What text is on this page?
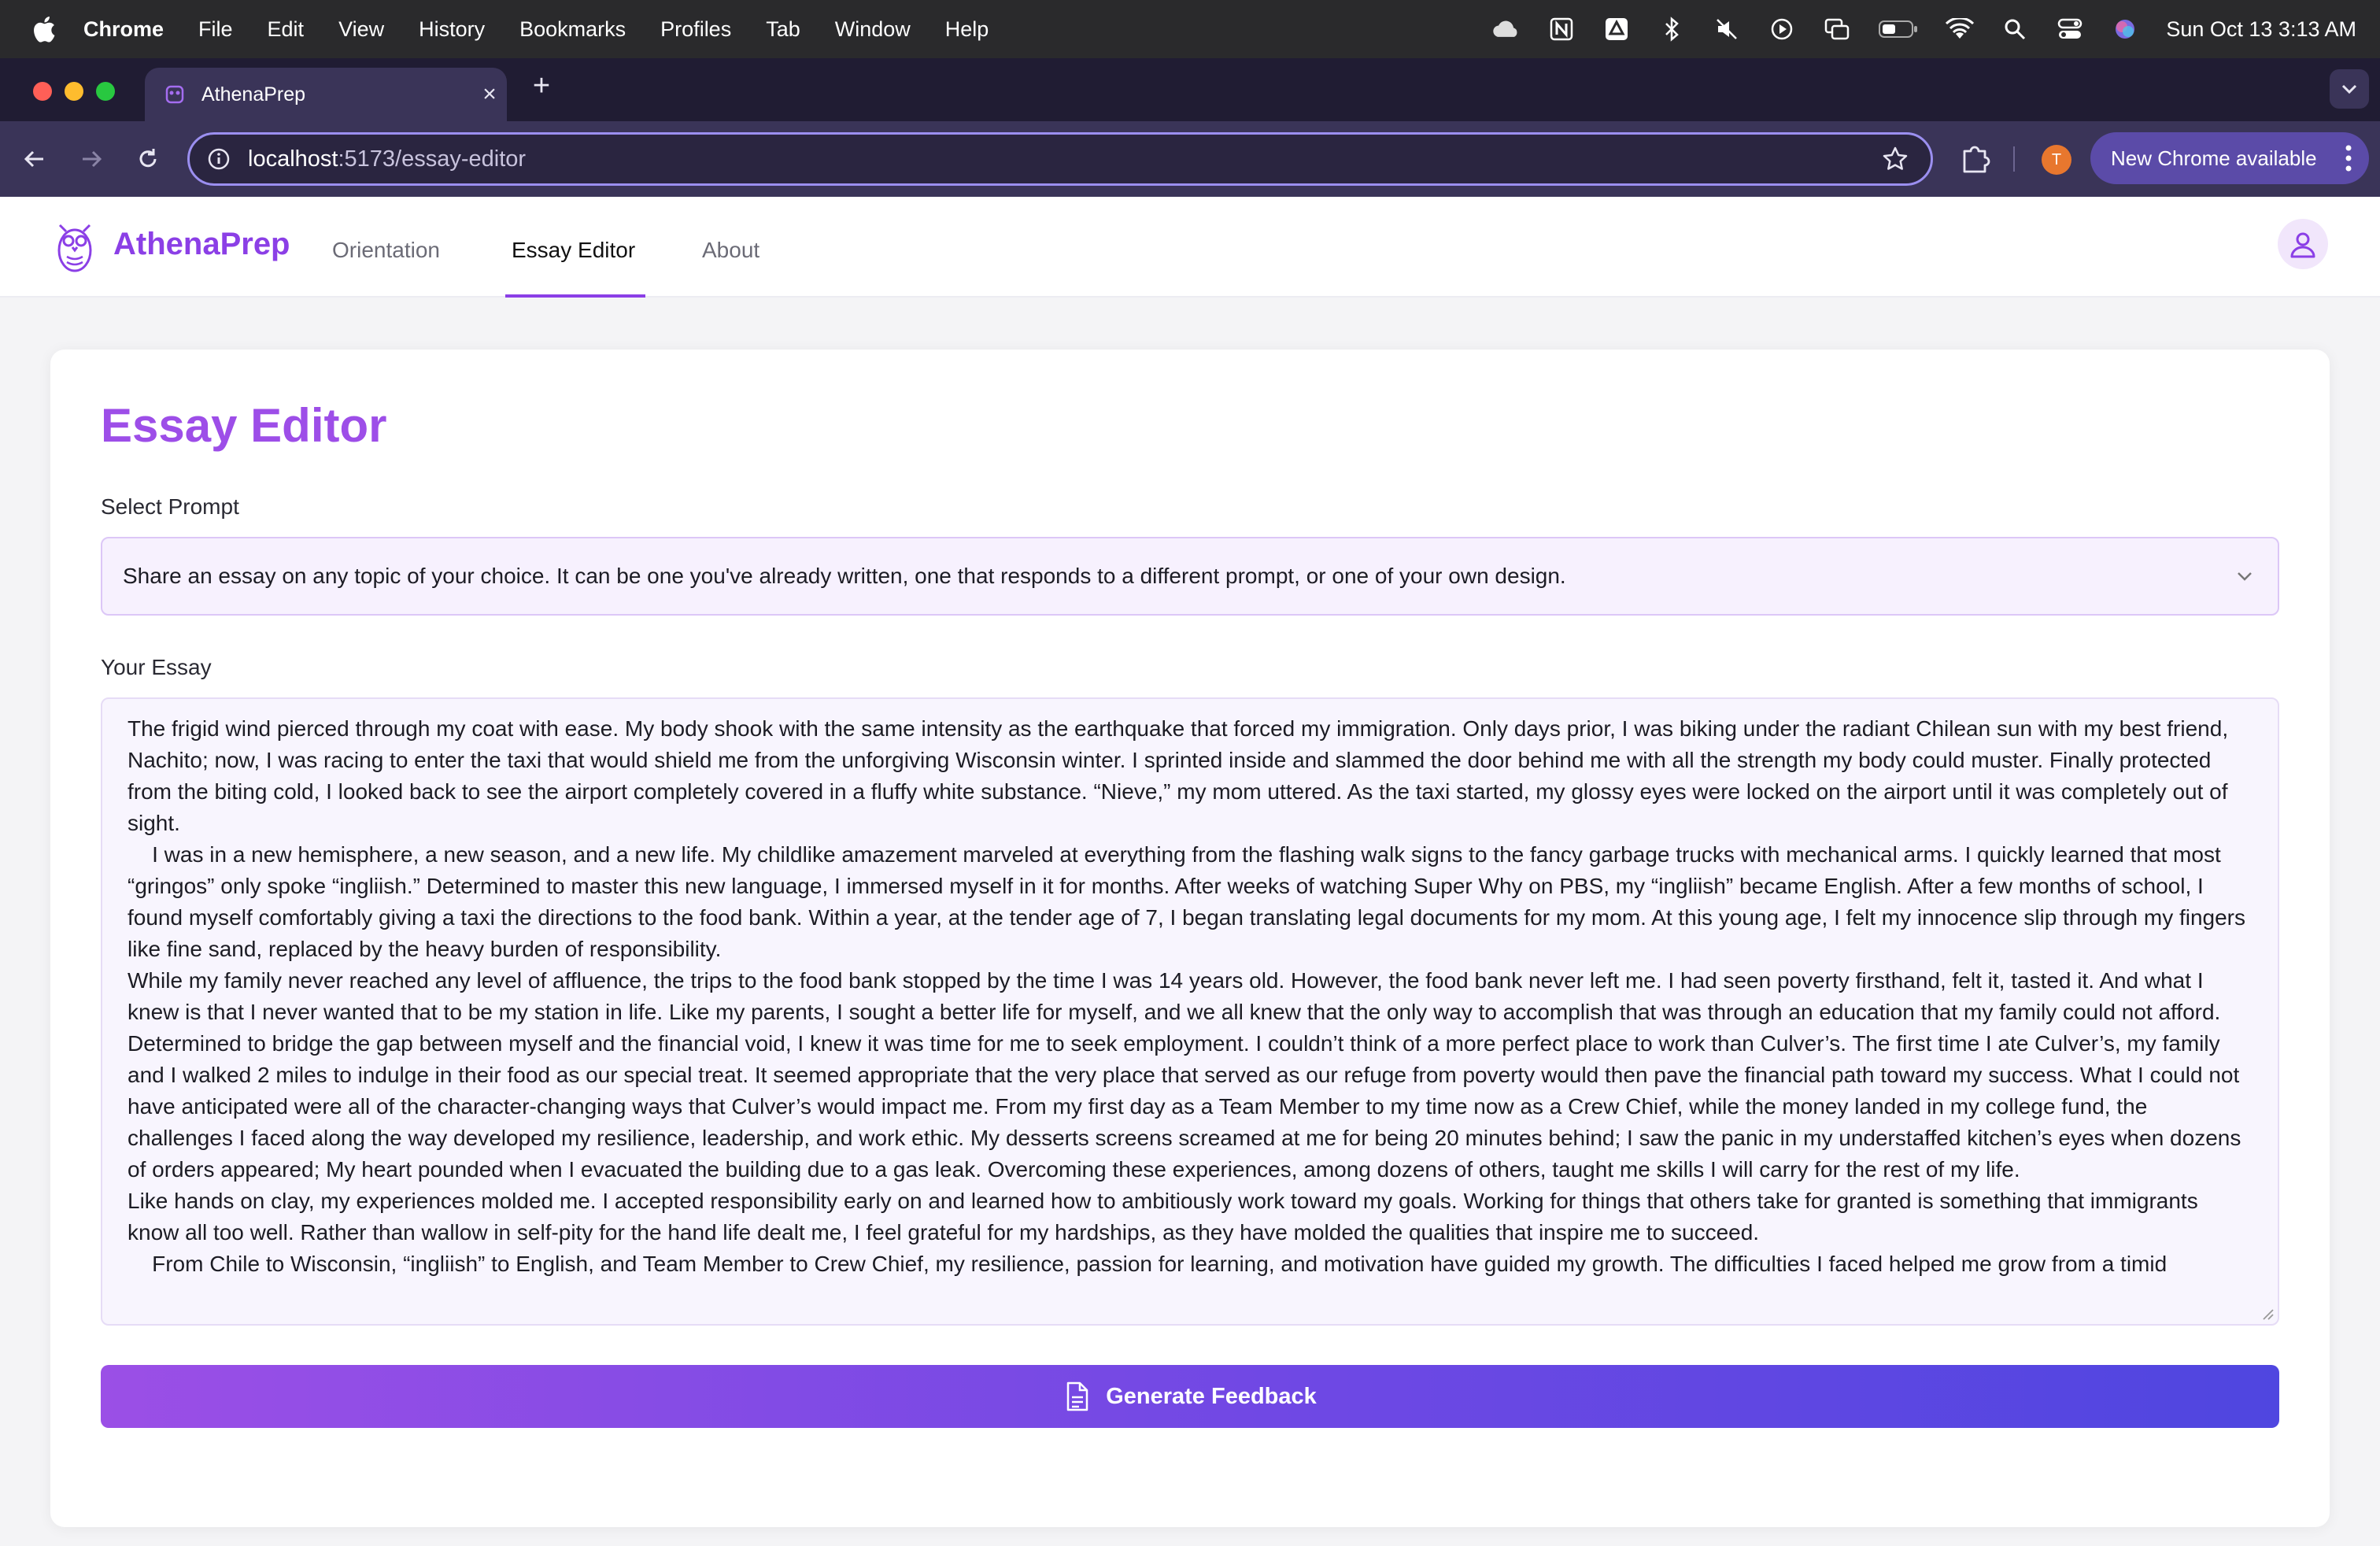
Chrome File Edit View History Bookmarks Profiles Tab Window Help	Sun Oct 13 3:13 AM
AthenaPrep	×	+
localhost:5173/essay-editor	T	New Chrome available
AthenaPrep Orientation	Essay Editor	About
Essay Editor
Select Prompt
Share an essay on any topic of your choice. It can be one you've already written, one that responds to a different prompt, or one of your own design.
Your Essay
The frigid wind pierced through my coat with ease. My body shook with the same intensity as the earthquake that forced my immigration. Only days prior, I was biking under the radiant Chilean sun with my best friend, Nachito; now, I was racing to enter the taxi that would shield me from the unforgiving Wisconsin winter. I sprinted inside and slammed the door behind me with all the strength my body could muster. Finally protected from the biting cold, I looked back to see the airport completely covered in a fluffy white substance. “Nieve,” my mom uttered. As the taxi started, my glossy eyes were locked on the airport until it was completely out of sight.
I was in a new hemisphere, a new season, and a new life. My childlike amazement marveled at everything from the flashing walk signs to the fancy garbage trucks with mechanical arms. I quickly learned that most “gringos” only spoke “ingliish.” Determined to master this new language, I immersed myself in it for months. After weeks of watching Super Why on PBS, my “ingliish” became English. After a few months of school, I found myself comfortably giving a taxi the directions to the food bank. Within a year, at the tender age of 7, I began translating legal documents for my mom. At this young age, I felt my innocence slip through my fingers like fine sand, replaced by the heavy burden of responsibility.
While my family never reached any level of affluence, the trips to the food bank stopped by the time I was 14 years old. However, the food bank never left me. I had seen poverty firsthand, felt it, tasted it. And what I knew is that I never wanted that to be my station in life. Like my parents, I sought a better life for myself, and we all knew that the only way to accomplish that was through an education that my family could not afford.
Determined to bridge the gap between myself and the financial void, I knew it was time for me to seek employment. I couldn’t think of a more perfect place to work than Culver’s. The first time I ate Culver’s, my family and I walked 2 miles to indulge in their food as our special treat. It seemed appropriate that the very place that served as our refuge from poverty would then pave the financial path toward my success. What I could not have anticipated were all of the character-changing ways that Culver’s would impact me. From my first day as a Team Member to my time now as a Crew Chief, while the money landed in my college fund, the challenges I faced along the way developed my resilience, leadership, and work ethic. My desserts screens screamed at me for being 20 minutes behind; I saw the panic in my understaffed kitchen’s eyes when dozens of orders appeared; My heart pounded when I evacuated the building due to a gas leak. Overcoming these experiences, among dozens of others, taught me skills I will carry for the rest of my life.
Like hands on clay, my experiences molded me. I accepted responsibility early on and learned how to ambitiously work toward my goals. Working for things that others take for granted is something that immigrants know all too well. Rather than wallow in self-pity for the hand life dealt me, I feel grateful for my hardships, as they have molded the qualities that inspire me to succeed.
From Chile to Wisconsin, “ingliish” to English, and Team Member to Crew Chief, my resilience, passion for learning, and motivation have guided my growth. The difficulties I faced helped me grow from a timid
Generate Feedback
